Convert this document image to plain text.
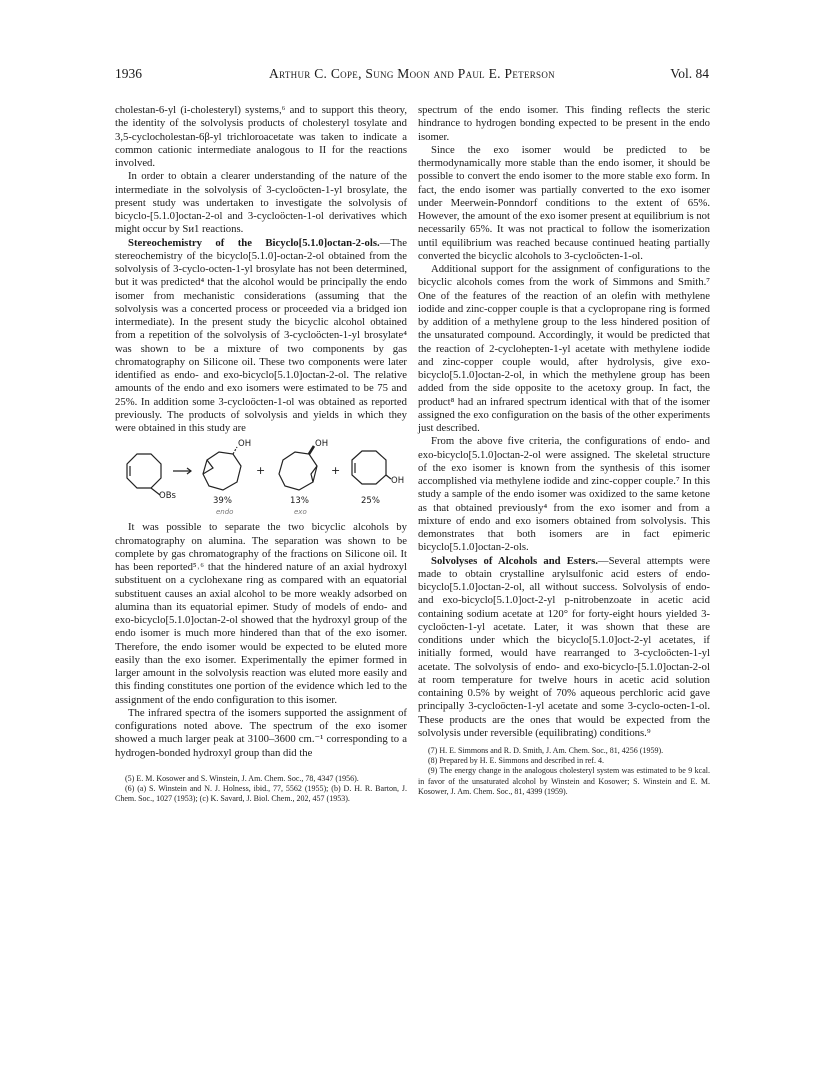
1936	Arthur C. Cope, Sung Moon and Paul E. Peterson	Vol. 84

cholestan-6-yl (i-cholesteryl) systems,⁶ and to support this theory, the identity of the solvolysis products of cholesteryl tosylate and 3,5-cyclocholestan-6β-yl trichloroacetate was taken to indicate a common cationic intermediate analogous to II for the reactions involved.

In order to obtain a clearer understanding of the nature of the intermediate in the solvolysis of 3-cycloöcten-1-yl brosylate, the present study was undertaken to investigate the solvolysis of bicyclo-[5.1.0]octan-2-ol and 3-cycloöcten-1-ol derivatives which might occur by Sи1 reactions.

Stereochemistry of the Bicyclo[5.1.0]octan-2-ols.—The stereochemistry of the bicyclo[5.1.0]-octan-2-ol obtained from the solvolysis of 3-cyclo-octen-1-yl brosylate has not been determined, but it was predicted⁴ that the alcohol would be principally the endo isomer from mechanistic considerations (assuming that the solvolysis was a concerted process or proceeded via a bridged ion intermediate). In the present study the bicyclic alcohol obtained from a repetition of the solvolysis of 3-cycloöcten-1-yl brosylate⁴ was shown to be a mixture of two components by gas chromatography on Silicone oil. These two components were later identified as endo- and exo-bicyclo[5.1.0]octan-2-ol. The relative amounts of the endo and exo isomers were estimated to be 75 and 25%. In addition some 3-cycloöcten-1-ol was obtained as reported previously. The products of solvolysis and yields in which they were obtained in this study are

OBs
OH	OH
OH
+	+
39%	13%	25%
endo	exo

It was possible to separate the two bicyclic alcohols by chromatography on alumina. The separation was shown to be complete by gas chromatography of the fractions on Silicone oil. It has been reported⁵˒⁶ that the hindered nature of an axial hydroxyl substituent on a cyclohexane ring as compared with an equatorial substituent causes an axial alcohol to be more weakly adsorbed on alumina than its equatorial epimer. Study of models of endo- and exo-bicyclo[5.1.0]octan-2-ol showed that the hydroxyl group of the endo isomer is much more hindered than that of the exo isomer. Therefore, the endo isomer would be expected to be eluted more easily than the exo isomer. Experimentally the epimer formed in larger amount in the solvolysis reaction was eluted more easily and this finding constitutes one portion of the evidence which led to the assignment of the endo configuration to this isomer.

The infrared spectra of the isomers supported the assignment of configurations noted above. The spectrum of the exo isomer showed a much larger peak at 3100–3600 cm.⁻¹ corresponding to a hydrogen-bonded hydroxyl group than did the

(5) E. M. Kosower and S. Winstein, J. Am. Chem. Soc., 78, 4347 (1956).

(6) (a) S. Winstein and N. J. Holness, ibid., 77, 5562 (1955); (b) D. H. R. Barton, J. Chem. Soc., 1027 (1953); (c) K. Savard, J. Biol. Chem., 202, 457 (1953).

spectrum of the endo isomer. This finding reflects the steric hindrance to hydrogen bonding expected to be present in the endo isomer.

Since the exo isomer would be predicted to be thermodynamically more stable than the endo isomer, it should be possible to convert the endo isomer to the more stable exo form. In fact, the endo isomer was partially converted to the exo isomer under Meerwein-Ponndorf conditions to the extent of 65%. However, the amount of the exo isomer present at equilibrium is not necessarily 65%. It was not practical to follow the isomerization until equilibrium was reached because continued heating partially converted the bicyclic alcohols to 3-cycloöcten-1-ol.

Additional support for the assignment of configurations to the bicyclic alcohols comes from the work of Simmons and Smith.⁷ One of the features of the reaction of an olefin with methylene iodide and zinc-copper couple is that a cyclopropane ring is formed by addition of a methylene group to the less hindered position of the unsaturated compound. Accordingly, it would be predicted that the reaction of 2-cyclohepten-1-yl acetate with methylene iodide and zinc-copper couple would, after hydrolysis, give exo-bicyclo[5.1.0]octan-2-ol, in which the methylene group has been added from the side opposite to the acetoxy group. In fact, the product⁸ had an infrared spectrum identical with that of the isomer assigned the exo configuration on the basis of the other experiments just described.

From the above five criteria, the configurations of endo- and exo-bicyclo[5.1.0]octan-2-ol were assigned. The skeletal structure of the exo isomer is known from the synthesis of this isomer accomplished via methylene iodide and zinc-copper couple.⁷ In this study a sample of the endo isomer was oxidized to the same ketone as that obtained previously⁴ from the exo isomer and from a mixture of endo and exo isomers obtained from solvolysis. This demonstrates that both isomers are in fact epimeric bicyclo[5.1.0]octan-2-ols.

Solvolyses of Alcohols and Esters.—Several attempts were made to obtain crystalline arylsulfonic acid esters of endo-bicyclo[5.1.0]octan-2-ol, all without success. Solvolysis of endo- and exo-bicyclo[5.1.0]oct-2-yl p-nitrobenzoate in acetic acid containing sodium acetate at 120° for forty-eight hours yielded 3-cycloöcten-1-yl acetate. Later, it was shown that these are conditions under which the bicyclo[5.1.0]oct-2-yl acetates, if initially formed, would have rearranged to 3-cycloöcten-1-yl acetate. The solvolysis of endo- and exo-bicyclo-[5.1.0]octan-2-ol at room temperature for twelve hours in acetic acid solution containing 0.5% by weight of 70% aqueous perchloric acid gave principally 3-cycloöcten-1-yl acetate and some 3-cyclo-octen-1-ol. These products are the ones that would be expected from the solvolysis under reversible (equilibrating) conditions.⁹

(7) H. E. Simmons and R. D. Smith, J. Am. Chem. Soc., 81, 4256 (1959).

(8) Prepared by H. E. Simmons and described in ref. 4.

(9) The energy change in the analogous cholesteryl system was estimated to be 9 kcal. in favor of the unsaturated alcohol by Winstein and Kosower; S. Winstein and E. M. Kosower, J. Am. Chem. Soc., 81, 4399 (1959).
